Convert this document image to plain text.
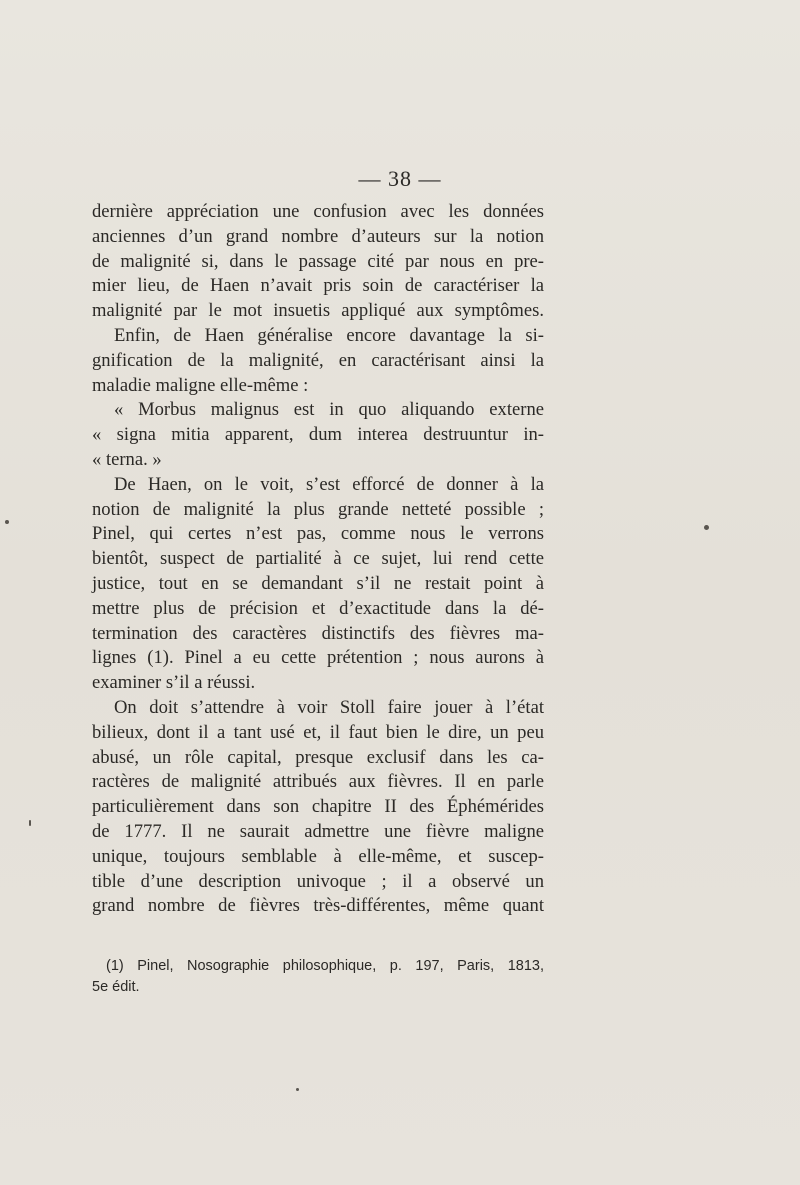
— 38 —
dernière appréciation une confusion avec les données
anciennes d’un grand nombre d’auteurs sur la notion
de malignité si, dans le passage cité par nous en pre-
mier lieu, de Haen n’avait pris soin de caractériser la
malignité par le mot insuetis appliqué aux symptômes.
Enfin, de Haen généralise encore davantage la si-
gnification de la malignité, en caractérisant ainsi la
maladie maligne elle-même :
« Morbus malignus est in quo aliquando externe
« signa mitia apparent, dum interea destruuntur in-
« terna. »
De Haen, on le voit, s’est efforcé de donner à la
notion de malignité la plus grande netteté possible ;
Pinel, qui certes n’est pas, comme nous le verrons
bientôt, suspect de partialité à ce sujet, lui rend cette
justice, tout en se demandant s’il ne restait point à
mettre plus de précision et d’exactitude dans la dé-
termination des caractères distinctifs des fièvres ma-
lignes (1). Pinel a eu cette prétention ; nous aurons à
examiner s’il a réussi.
On doit s’attendre à voir Stoll faire jouer à l’état
bilieux, dont il a tant usé et, il faut bien le dire, un peu
abusé, un rôle capital, presque exclusif dans les ca-
ractères de malignité attribués aux fièvres. Il en parle
particulièrement dans son chapitre II des Éphémérides
de 1777. Il ne saurait admettre une fièvre maligne
unique, toujours semblable à elle-même, et suscep-
tible d’une description univoque ; il a observé un
grand nombre de fièvres très-différentes, même quant
(1) Pinel, Nosographie philosophique, p. 197, Paris, 1813,
5e édit.
